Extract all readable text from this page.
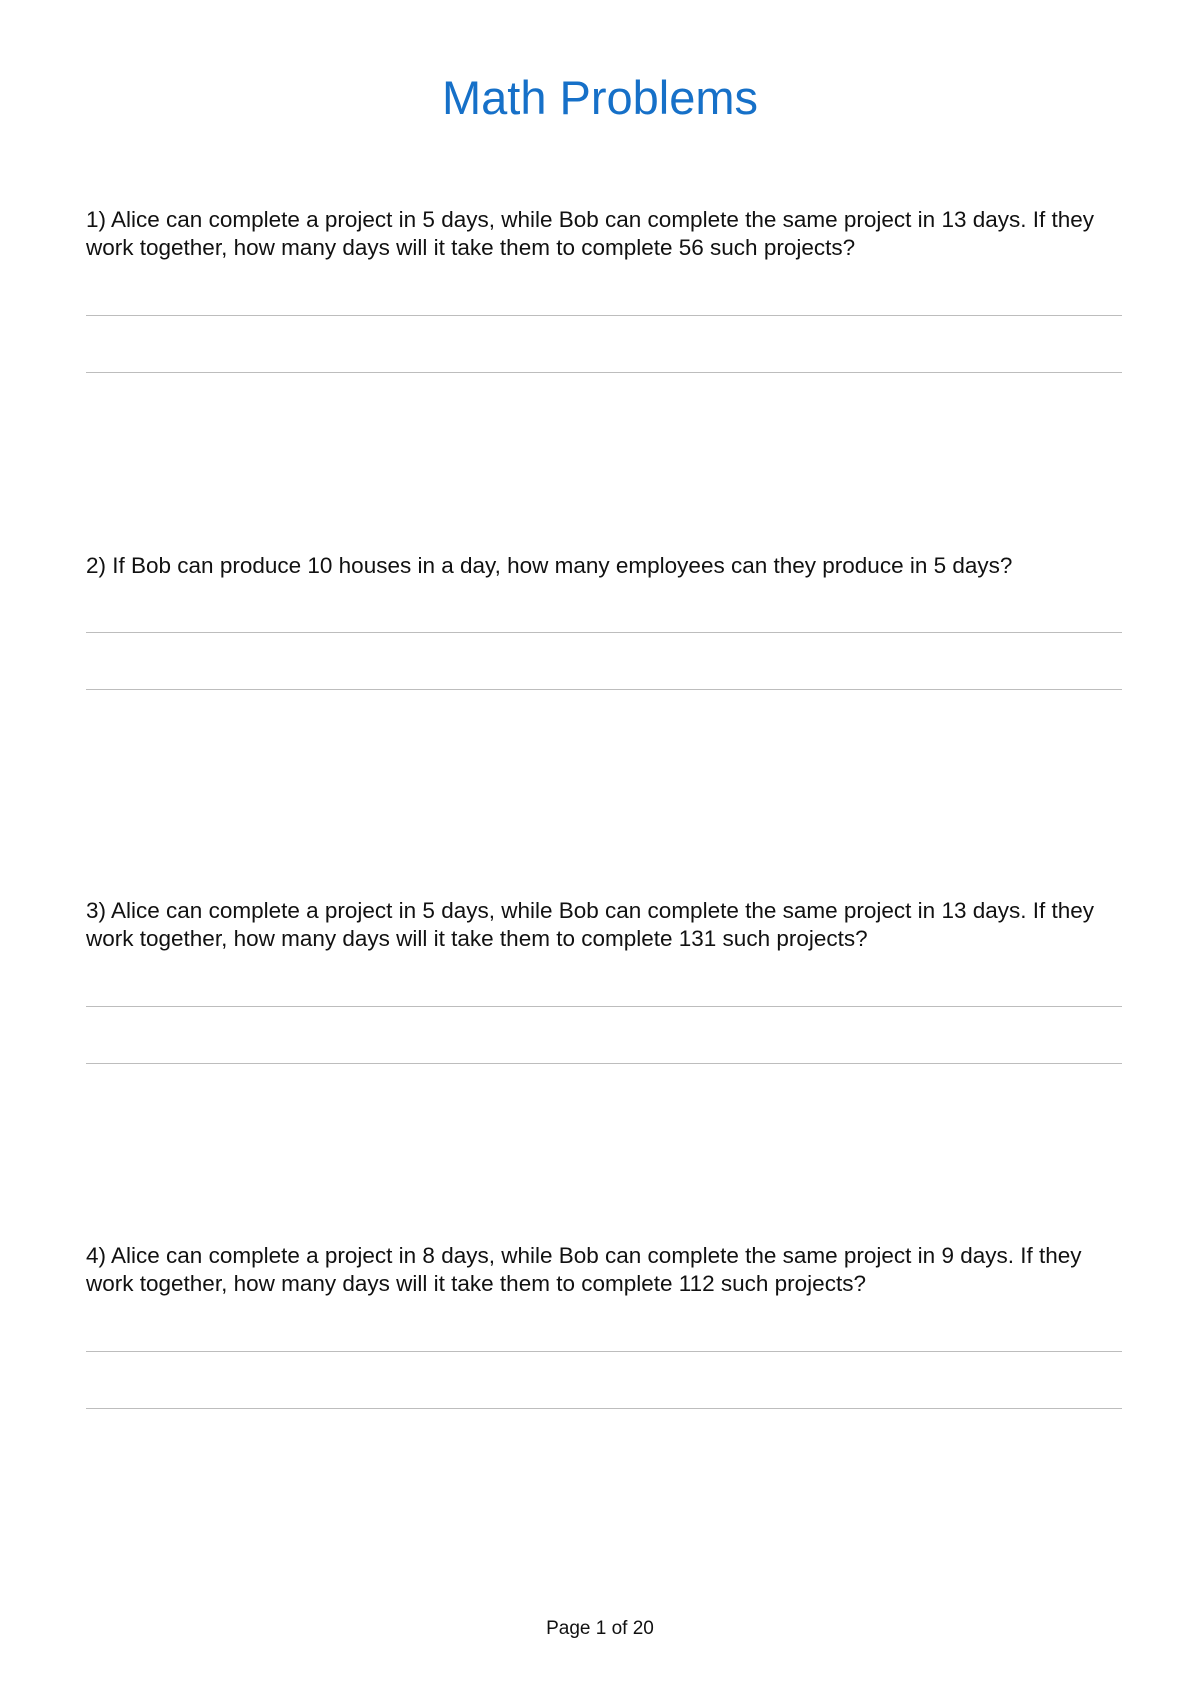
Math Problems

1) Alice can complete a project in 5 days, while Bob can complete the same project in 13 days. If they work together, how many days will it take them to complete 56 such projects?

2) If Bob can produce 10 houses in a day, how many employees can they produce in 5 days?

3) Alice can complete a project in 5 days, while Bob can complete the same project in 13 days. If they work together, how many days will it take them to complete 131 such projects?

4) Alice can complete a project in 8 days, while Bob can complete the same project in 9 days. If they work together, how many days will it take them to complete 112 such projects?

Page 1 of 20
